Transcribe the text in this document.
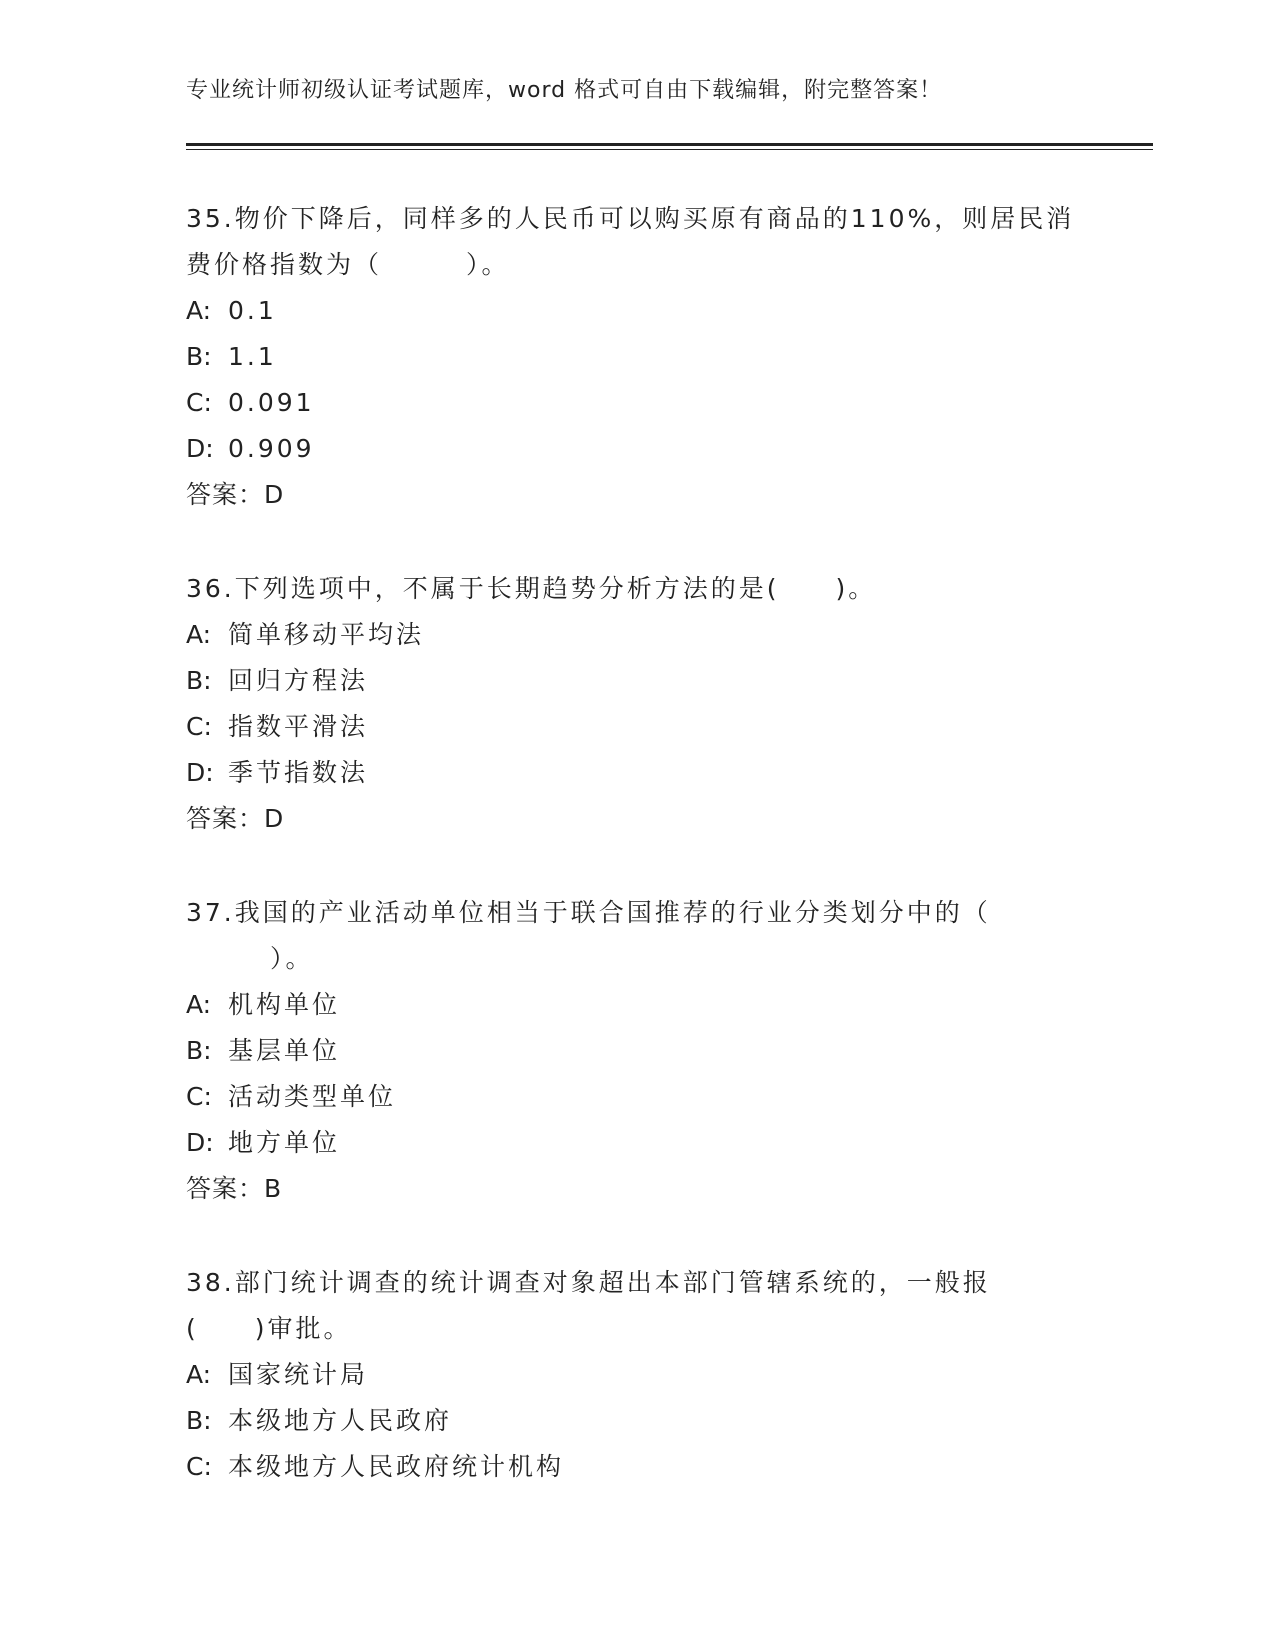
专业统计师初级认证考试题库，word 格式可自由下载编辑，附完整答案！
35.物价下降后，同样多的人民币可以购买原有商品的110%，则居民消
费价格指数为（　　　）。
A: 0.1
B: 1.1
C: 0.091
D: 0.909
答案：D
36.下列选项中，不属于长期趋势分析方法的是(　　)。
A: 简单移动平均法
B: 回归方程法
C: 指数平滑法
D: 季节指数法
答案：D
37.我国的产业活动单位相当于联合国推荐的行业分类划分中的（
　　　）。
A: 机构单位
B: 基层单位
C: 活动类型单位
D: 地方单位
答案：B
38.部门统计调查的统计调查对象超出本部门管辖系统的，一般报
(　　)审批。
A: 国家统计局
B: 本级地方人民政府
C: 本级地方人民政府统计机构
